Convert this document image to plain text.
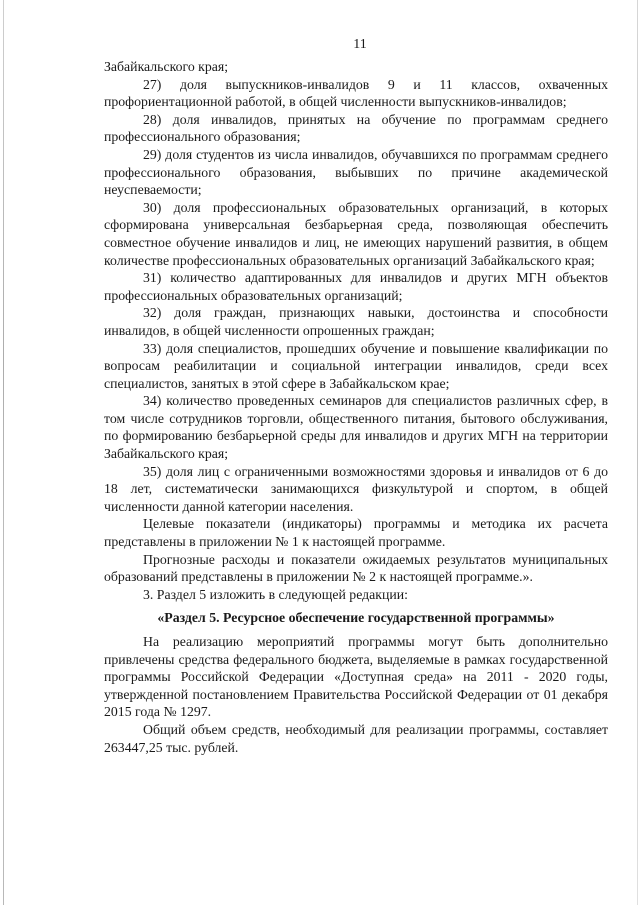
11

Забайкальского края;

27) доля выпускников-инвалидов 9 и 11 классов, охваченных профориентационной работой, в общей численности выпускников-инвалидов;

28) доля инвалидов, принятых на обучение по программам среднего профессионального образования;

29) доля студентов из числа инвалидов, обучавшихся по программам среднего профессионального образования, выбывших по причине академической неуспеваемости;

30) доля профессиональных образовательных организаций, в которых сформирована универсальная безбарьерная среда, позволяющая обеспечить совместное обучение инвалидов и лиц, не имеющих нарушений развития, в общем количестве профессиональных образовательных организаций Забайкальского края;

31) количество адаптированных для инвалидов и других МГН объектов профессиональных образовательных организаций;

32) доля граждан, признающих навыки, достоинства и способности инвалидов, в общей численности опрошенных граждан;

33) доля специалистов, прошедших обучение и повышение квалификации по вопросам реабилитации и социальной интеграции инвалидов, среди всех специалистов, занятых в этой сфере в Забайкальском крае;

34) количество проведенных семинаров для специалистов различных сфер, в том числе сотрудников торговли, общественного питания, бытового обслуживания, по формированию безбарьерной среды для инвалидов и других МГН на территории Забайкальского края;

35) доля лиц с ограниченными возможностями здоровья и инвалидов от 6 до 18 лет, систематически занимающихся физкультурой и спортом, в общей численности данной категории населения.

Целевые показатели (индикаторы) программы и методика их расчета представлены в приложении № 1 к настоящей программе.

Прогнозные расходы и показатели ожидаемых результатов муниципальных образований представлены в приложении № 2 к настоящей программе.».

3. Раздел 5 изложить в следующей редакции:

«Раздел 5. Ресурсное обеспечение государственной программы»

На реализацию мероприятий программы могут быть дополнительно привлечены средства федерального бюджета, выделяемые в рамках государственной программы Российской Федерации «Доступная среда» на 2011 - 2020 годы, утвержденной постановлением Правительства Российской Федерации от 01 декабря 2015 года № 1297.

Общий объем средств, необходимый для реализации программы, составляет 263447,25 тыс. рублей.
